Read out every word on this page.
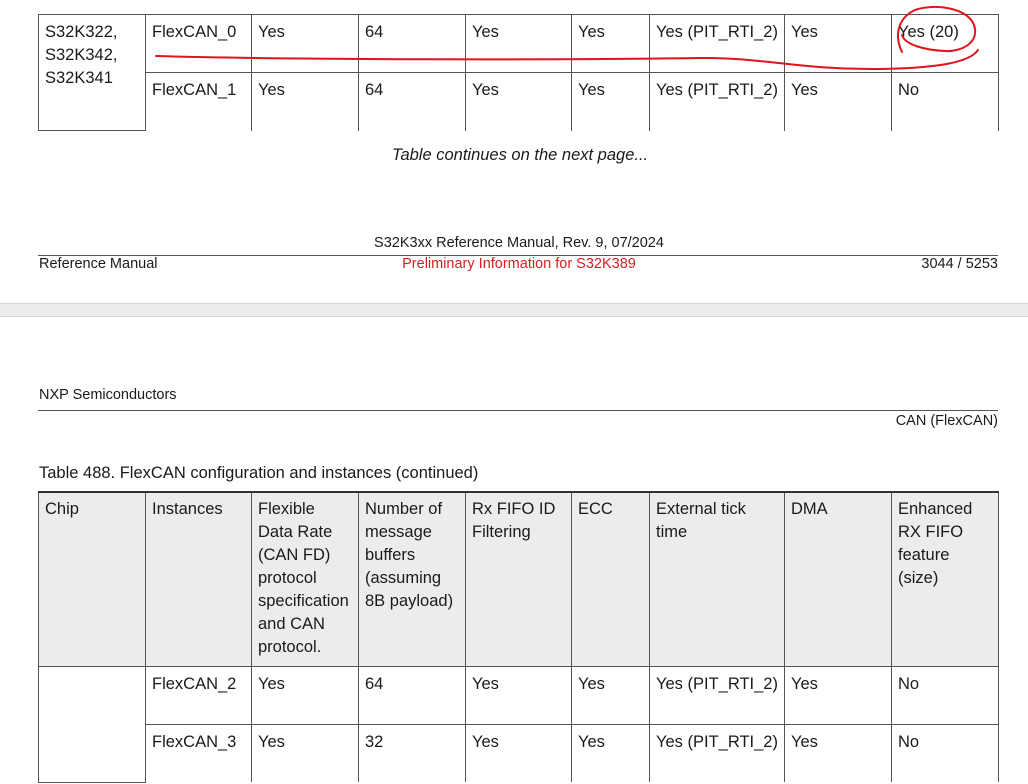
S32K322, S32K342, S32K341	FlexCAN_0	Yes	64	Yes	Yes	Yes (PIT_RTI_2)	Yes	Yes (20)
	FlexCAN_1	Yes	64	Yes	Yes	Yes (PIT_RTI_2)	Yes	No
Table continues on the next page...
S32K3xx Reference Manual, Rev. 9, 07/2024
Reference Manual	Preliminary Information for S32K389	3044 / 5253
NXP Semiconductors
CAN (FlexCAN)
Table 488. FlexCAN configuration and instances (continued)
Chip	Instances	Flexible Data Rate (CAN FD) protocol specification and CAN protocol.	Number of message buffers (assuming 8B payload)	Rx FIFO ID Filtering	ECC	External tick time	DMA	Enhanced RX FIFO feature (size)
	FlexCAN_2	Yes	64	Yes	Yes	Yes (PIT_RTI_2)	Yes	No
	FlexCAN_3	Yes	32	Yes	Yes	Yes (PIT_RTI_2)	Yes	No
